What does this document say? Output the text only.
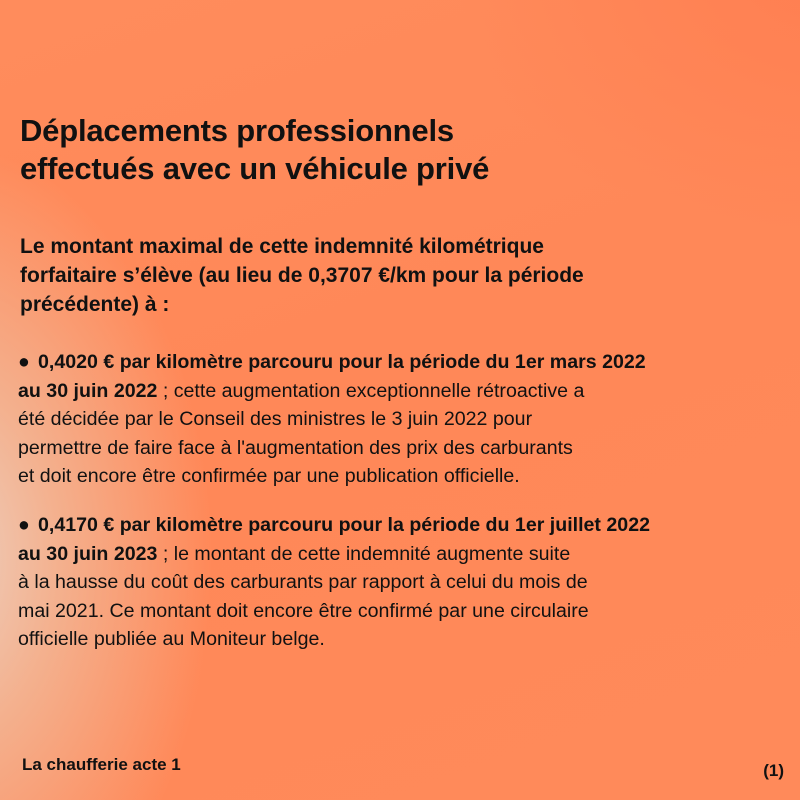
Déplacements professionnels
effectués avec un véhicule privé

Le montant maximal de cette indemnité kilométrique
forfaitaire s’élève (au lieu de 0,3707 €/km pour la période
précédente) à :

● 0,4020 € par kilomètre parcouru pour la période du 1er mars 2022
au 30 juin 2022 ; cette augmentation exceptionnelle rétroactive a
été décidée par le Conseil des ministres le 3 juin 2022 pour
permettre de faire face à l'augmentation des prix des carburants
et doit encore être confirmée par une publication officielle.

● 0,4170 € par kilomètre parcouru pour la période du 1er juillet 2022
au 30 juin 2023 ; le montant de cette indemnité augmente suite
à la hausse du coût des carburants par rapport à celui du mois de
mai 2021. Ce montant doit encore être confirmé par une circulaire
officielle publiée au Moniteur belge.

La chaufferie acte 1	(1)
